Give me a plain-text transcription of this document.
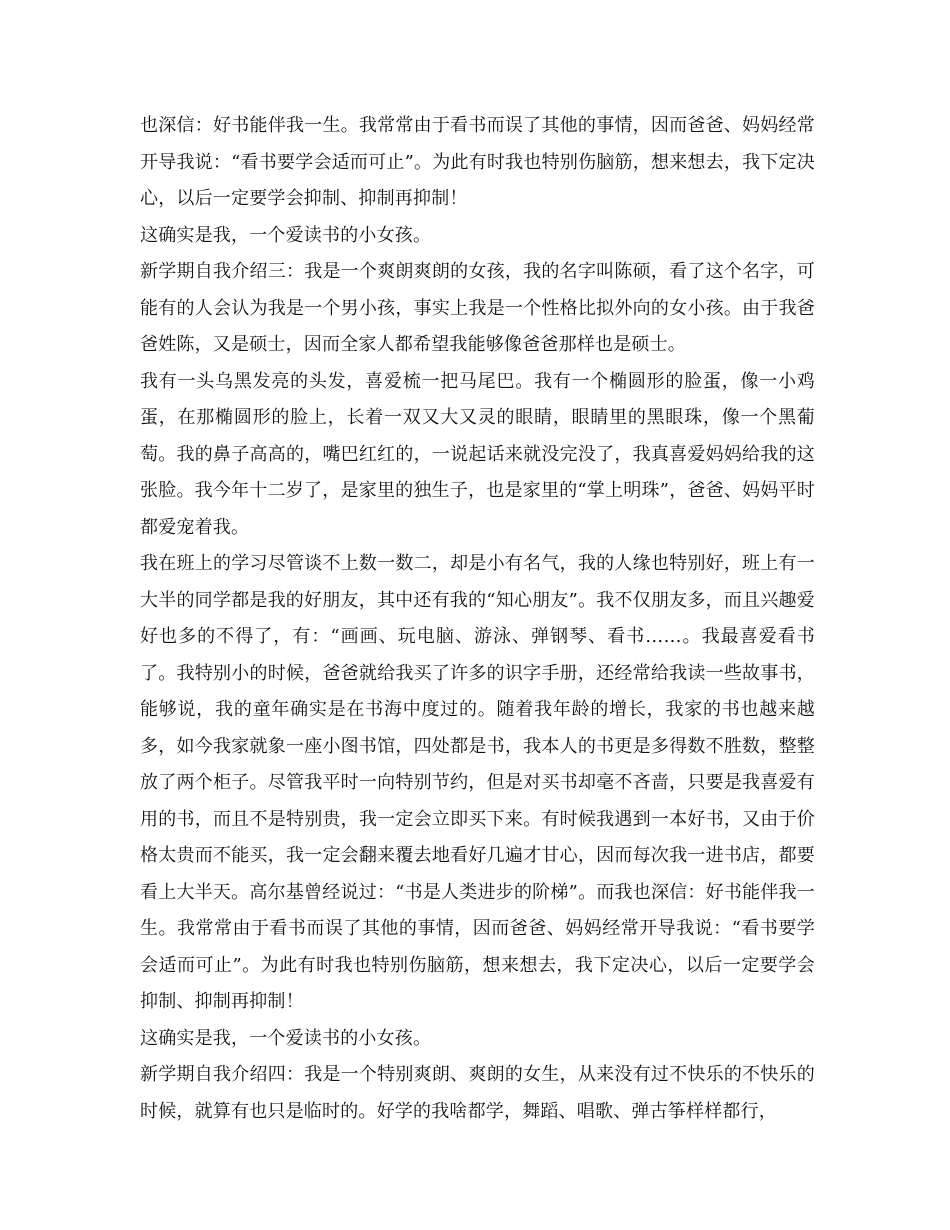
也深信：好书能伴我一生。我常常由于看书而误了其他的事情，因而爸爸、妈妈经常开导我说：“看书要学会适而可止”。为此有时我也特别伤脑筋，想来想去，我下定决心，以后一定要学会抑制、抑制再抑制！

这确实是我，一个爱读书的小女孩。

新学期自我介绍三：我是一个爽朗爽朗的女孩，我的名字叫陈硕，看了这个名字，可能有的人会认为我是一个男小孩，事实上我是一个性格比拟外向的女小孩。由于我爸爸姓陈，又是硕士，因而全家人都希望我能够像爸爸那样也是硕士。

我有一头乌黑发亮的头发，喜爱梳一把马尾巴。我有一个椭圆形的脸蛋，像一小鸡蛋，在那椭圆形的脸上，长着一双又大又灵的眼睛，眼睛里的黑眼珠，像一个黑葡萄。我的鼻子高高的，嘴巴红红的，一说起话来就没完没了，我真喜爱妈妈给我的这张脸。我今年十二岁了，是家里的独生子，也是家里的“掌上明珠”，爸爸、妈妈平时都爱宠着我。

我在班上的学习尽管谈不上数一数二，却是小有名气，我的人缘也特别好，班上有一大半的同学都是我的好朋友，其中还有我的“知心朋友”。我不仅朋友多，而且兴趣爱好也多的不得了，有：“画画、玩电脑、游泳、弹钢琴、看书……。我最喜爱看书了。我特别小的时候，爸爸就给我买了许多的识字手册，还经常给我读一些故事书，能够说，我的童年确实是在书海中度过的。随着我年龄的增长，我家的书也越来越多，如今我家就象一座小图书馆，四处都是书，我本人的书更是多得数不胜数，整整放了两个柜子。尽管我平时一向特别节约，但是对买书却毫不吝啬，只要是我喜爱有用的书，而且不是特别贵，我一定会立即买下来。有时候我遇到一本好书，又由于价格太贵而不能买，我一定会翻来覆去地看好几遍才甘心，因而每次我一进书店，都要看上大半天。高尔基曾经说过：“书是人类进步的阶梯”。而我也深信：好书能伴我一生。我常常由于看书而误了其他的事情，因而爸爸、妈妈经常开导我说：“看书要学会适而可止”。为此有时我也特别伤脑筋，想来想去，我下定决心，以后一定要学会抑制、抑制再抑制！

这确实是我，一个爱读书的小女孩。

新学期自我介绍四：我是一个特别爽朗、爽朗的女生，从来没有过不快乐的不快乐的时候，就算有也只是临时的。好学的我啥都学，舞蹈、唱歌、弹古筝样样都行，
